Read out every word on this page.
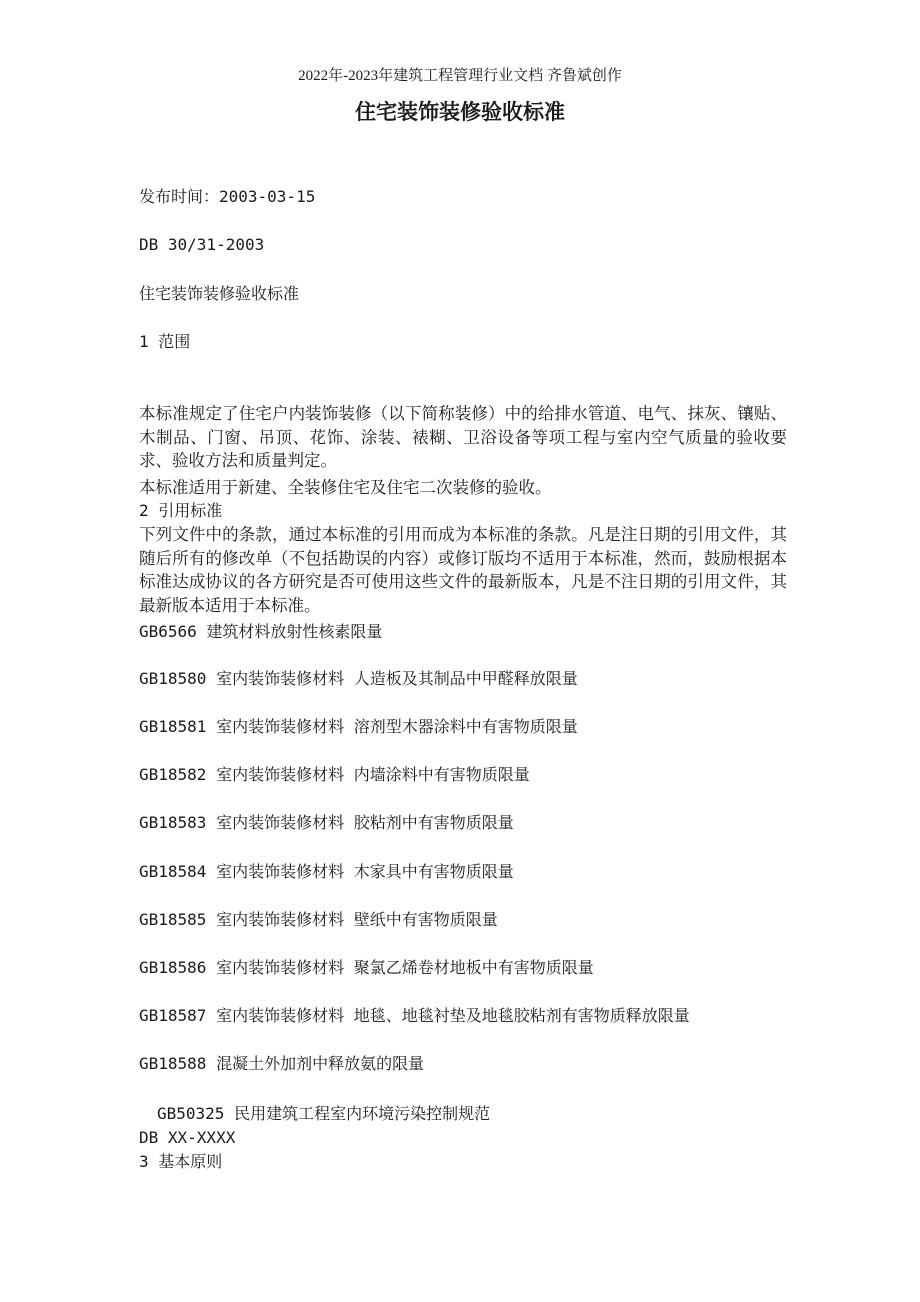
2022年-2023年建筑工程管理行业文档 齐鲁斌创作
住宅装饰装修验收标准
发布时间：2003-03-15
DB 30/31-2003
住宅装饰装修验收标准
1 范围
本标准规定了住宅户内装饰装修（以下简称装修）中的给排水管道、电气、抹灰、镶贴、木制品、门窗、吊顶、花饰、涂装、裱糊、卫浴设备等项工程与室内空气质量的验收要求、验收方法和质量判定。
本标准适用于新建、全装修住宅及住宅二次装修的验收。
2 引用标准
下列文件中的条款，通过本标准的引用而成为本标准的条款。凡是注日期的引用文件，其随后所有的修改单（不包括勘误的内容）或修订版均不适用于本标准，然而，鼓励根据本标准达成协议的各方研究是否可使用这些文件的最新版本，凡是不注日期的引用文件，其最新版本适用于本标准。
GB6566 建筑材料放射性核素限量
GB18580 室内装饰装修材料 人造板及其制品中甲醛释放限量
GB18581 室内装饰装修材料 溶剂型木器涂料中有害物质限量
GB18582 室内装饰装修材料 内墙涂料中有害物质限量
GB18583 室内装饰装修材料 胶粘剂中有害物质限量
GB18584 室内装饰装修材料 木家具中有害物质限量
GB18585 室内装饰装修材料 壁纸中有害物质限量
GB18586 室内装饰装修材料 聚氯乙烯卷材地板中有害物质限量
GB18587 室内装饰装修材料 地毯、地毯衬垫及地毯胶粘剂有害物质释放限量
GB18588 混凝土外加剂中释放氨的限量
GB50325 民用建筑工程室内环境污染控制规范
DB XX-XXXX
3 基本原则
